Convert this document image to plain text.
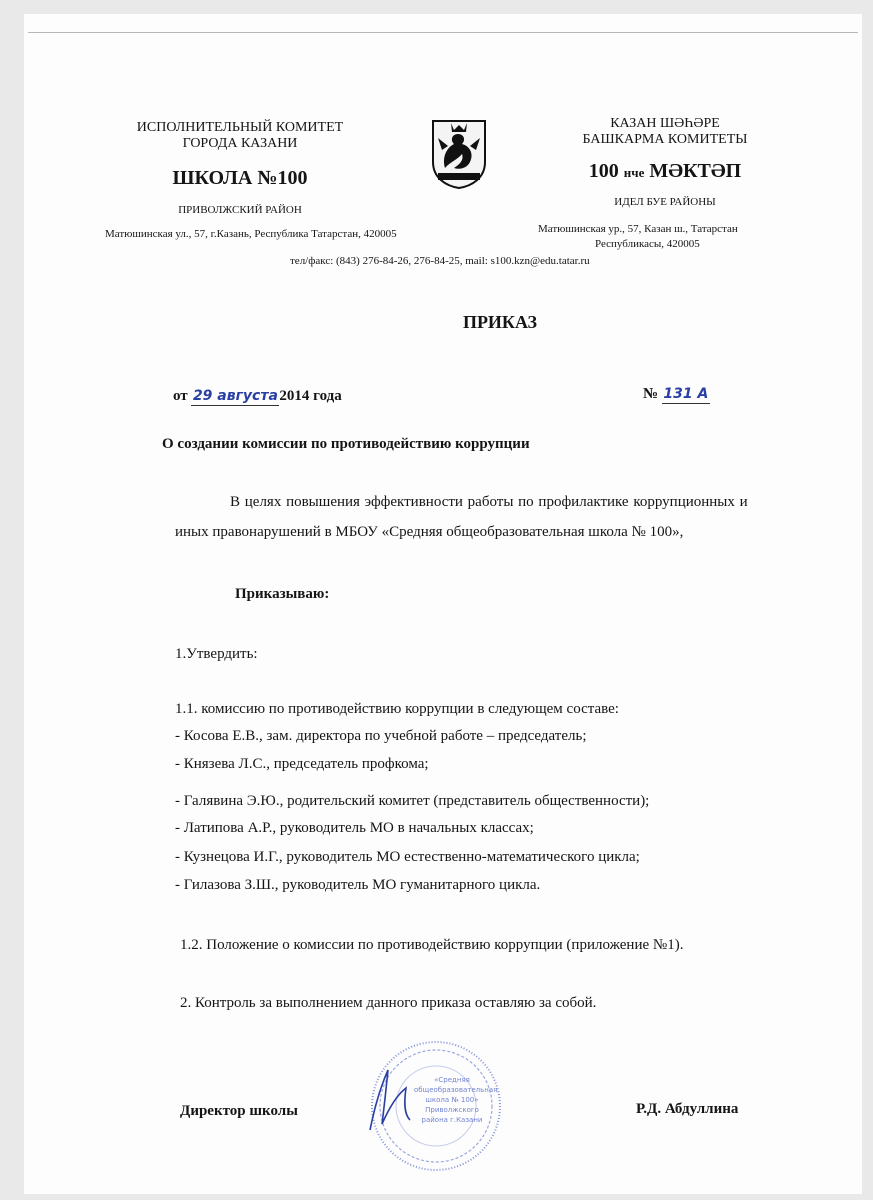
ИСПОЛНИТЕЛЬНЫЙ КОМИТЕТ
ГОРОДА КАЗАНИ
ШКОЛА №100
ПРИВОЛЖСКИЙ РАЙОН
Матюшинская ул., 57, г.Казань, Республика Татарстан, 420005
КАЗАН ШӘҺӘРЕ
БАШКАРМА КОМИТЕТЫ
100 нче МӘКТӘП
ИДЕЛ БУЕ РАЙОНЫ
Матюшинская ур., 57, Казан ш., Татарстан
Республикасы, 420005
тел/факс: (843) 276-84-26, 276-84-25, mail: s100.kzn@edu.tatar.ru
ПРИКАЗ
от 29 августа 2014 года	№ 131 А
О создании комиссии по противодействию коррупции
В целях повышения эффективности работы по профилактике коррупционных и
иных правонарушений в МБОУ «Средняя общеобразовательная школа № 100»,
Приказываю:
1.Утвердить:
1.1. комиссию по противодействию коррупции в следующем составе:
- Косова Е.В., зам. директора по учебной работе – председатель;
- Князева Л.С., председатель профкома;
- Галявина Э.Ю., родительский комитет (представитель общественности);
- Латипова А.Р., руководитель МО в начальных классах;
- Кузнецова И.Г., руководитель МО естественно-математического цикла;
- Гилазова З.Ш., руководитель МО гуманитарного цикла.
1.2. Положение о комиссии по противодействию коррупции (приложение №1).
2. Контроль за выполнением данного приказа оставляю за собой.
«Средняя общеобразовательная школа № 100» Приволжского района г.Казани
Директор школы	Р.Д. Абдуллина
